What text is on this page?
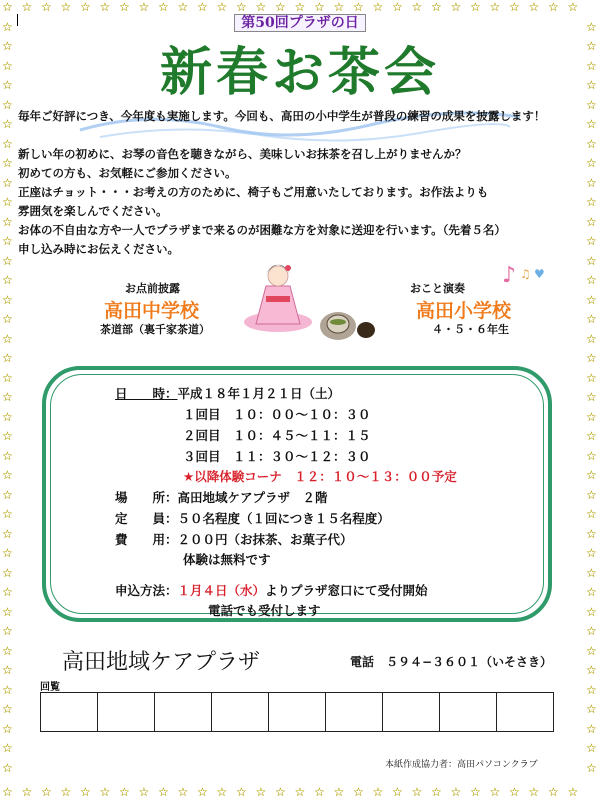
☆
☆
☆
☆
☆
☆
☆
☆
☆
☆
☆
☆
☆
☆
☆
☆
☆
☆
☆
☆
☆
☆
☆
☆
☆
☆
☆
☆
☆
☆
☆
☆
☆
☆
☆
☆
☆
☆
☆
☆
☆
☆
☆
☆
☆
☆
☆
☆
☆
☆
☆
☆
☆
☆
☆
☆
☆
☆
☆
☆
☆
☆
☆
☆
☆
☆
☆
☆
☆
☆
☆
☆
☆
☆
☆
☆
☆
☆
☆
☆
☆
☆
☆
☆
☆
☆
☆
☆
☆
☆
☆
☆
☆
☆
☆
☆
☆
☆
☆
☆
☆
☆
☆
☆
☆
☆
☆
☆
☆
☆
☆
☆
☆
☆
☆
☆
☆
☆
☆
☆
☆
☆
☆
☆
☆
☆
☆
☆
☆
☆
☆
☆
☆
☆
☆
☆
☆
☆
第50回プラザの日
新春お茶会

毎年ご好評につき、今年度も実施します。今回も、高田の小中学生が普段の練習の成果を披露します！

新しい年の初めに、お琴の音色を聴きながら、美味しいお抹茶を召し上がりませんか？

初めての方も、お気軽にご参加ください。

正座はチョット・・・お考えの方のために、椅子もご用意いたしております。お作法よりも

雰囲気を楽しんでください。

お体の不自由な方や一人でプラザまで来るのが困難な方を対象に送迎を行います。（先着５名）

申し込み時にお伝えください。

お点前披露
高田中学校
茶道部（裏千家茶道）
♪ ♫ ♥
おこと演奏
高田小学校
４・５・６年生
日　　時：平成１８年１月２１日（土）
１回目　１０：００〜１０：３０
２回目　１０：４５〜１１：１５
３回目　１１：３０〜１２：３０
★以降体験コーナ　１２：１０〜１３：００予定
場　　所：高田地域ケアプラザ　２階
定　　員：５０名程度（１回につき１５名程度）
費　　用：２００円（お抹茶、お菓子代）
体験は無料です
申込方法：１月４日（水）よりプラザ窓口にて受付開始
電話でも受付します
高田地域ケアプラザ	電話　５９４−３６０１（いそさき）
回覧

本紙作成協力者：高田パソコンクラブ
